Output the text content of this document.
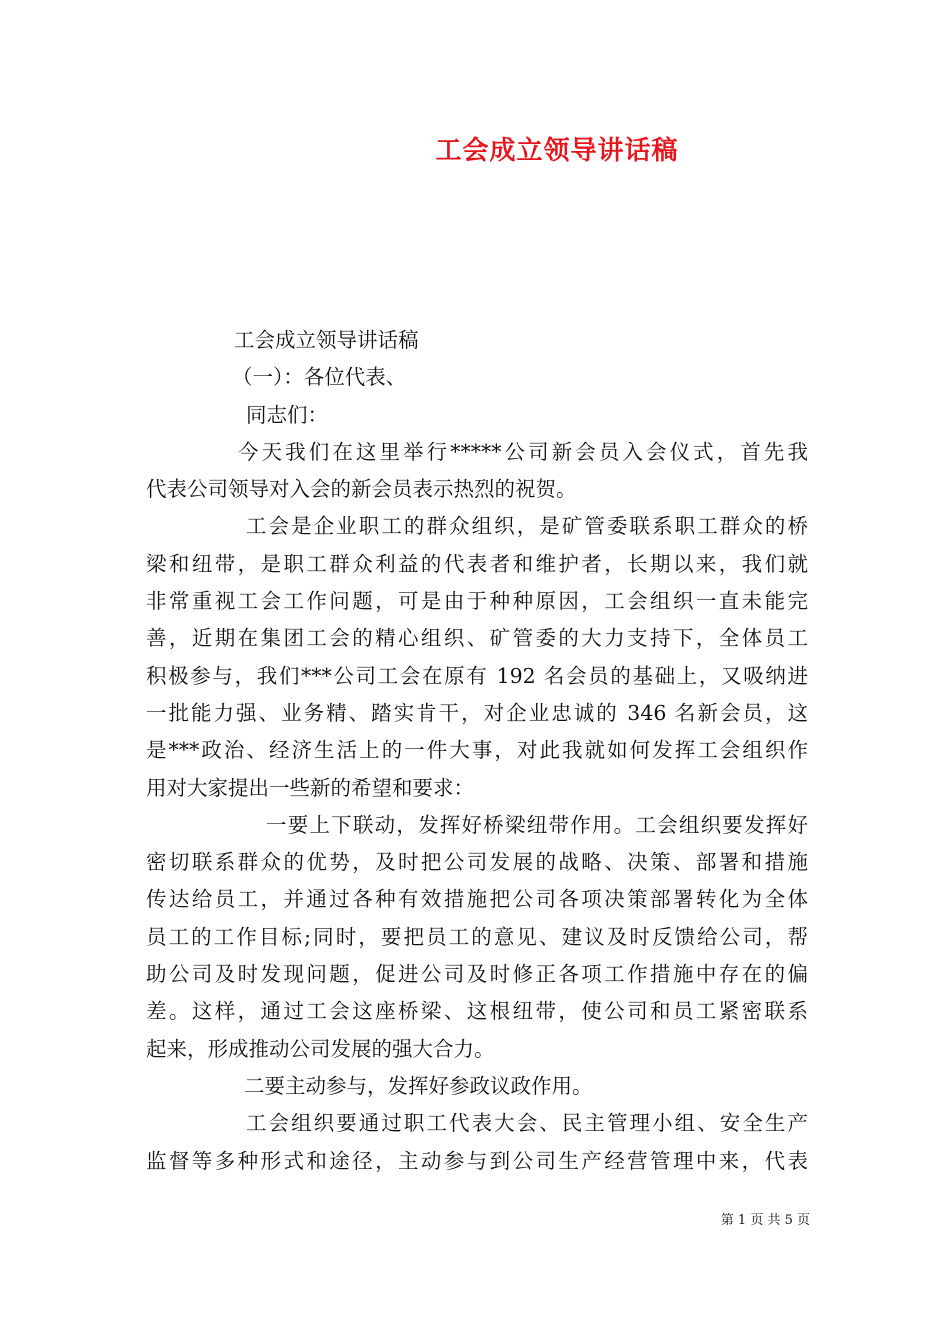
工会成立领导讲话稿
工会成立领导讲话稿
（一）：各位代表、
同志们：
今天我们在这里举行*****公司新会员入会仪式，首先我
代表公司领导对入会的新会员表示热烈的祝贺。
工会是企业职工的群众组织，是矿管委联系职工群众的桥
梁和纽带，是职工群众利益的代表者和维护者，长期以来，我们就
非常重视工会工作问题，可是由于种种原因，工会组织一直未能完
善，近期在集团工会的精心组织、矿管委的大力支持下，全体员工
积极参与，我们***公司工会在原有 192 名会员的基础上，又吸纳进
一批能力强、业务精、踏实肯干，对企业忠诚的 346 名新会员，这
是***政治、经济生活上的一件大事，对此我就如何发挥工会组织作
用对大家提出一些新的希望和要求：
一要上下联动，发挥好桥梁纽带作用。工会组织要发挥好
密切联系群众的优势，及时把公司发展的战略、决策、部署和措施
传达给员工，并通过各种有效措施把公司各项决策部署转化为全体
员工的工作目标;同时，要把员工的意见、建议及时反馈给公司，帮
助公司及时发现问题，促进公司及时修正各项工作措施中存在的偏
差。这样，通过工会这座桥梁、这根纽带，使公司和员工紧密联系
起来，形成推动公司发展的强大合力。
二要主动参与，发挥好参政议政作用。
工会组织要通过职工代表大会、民主管理小组、安全生产
监督等多种形式和途径，主动参与到公司生产经营管理中来，代表
第 1 页 共 5 页
